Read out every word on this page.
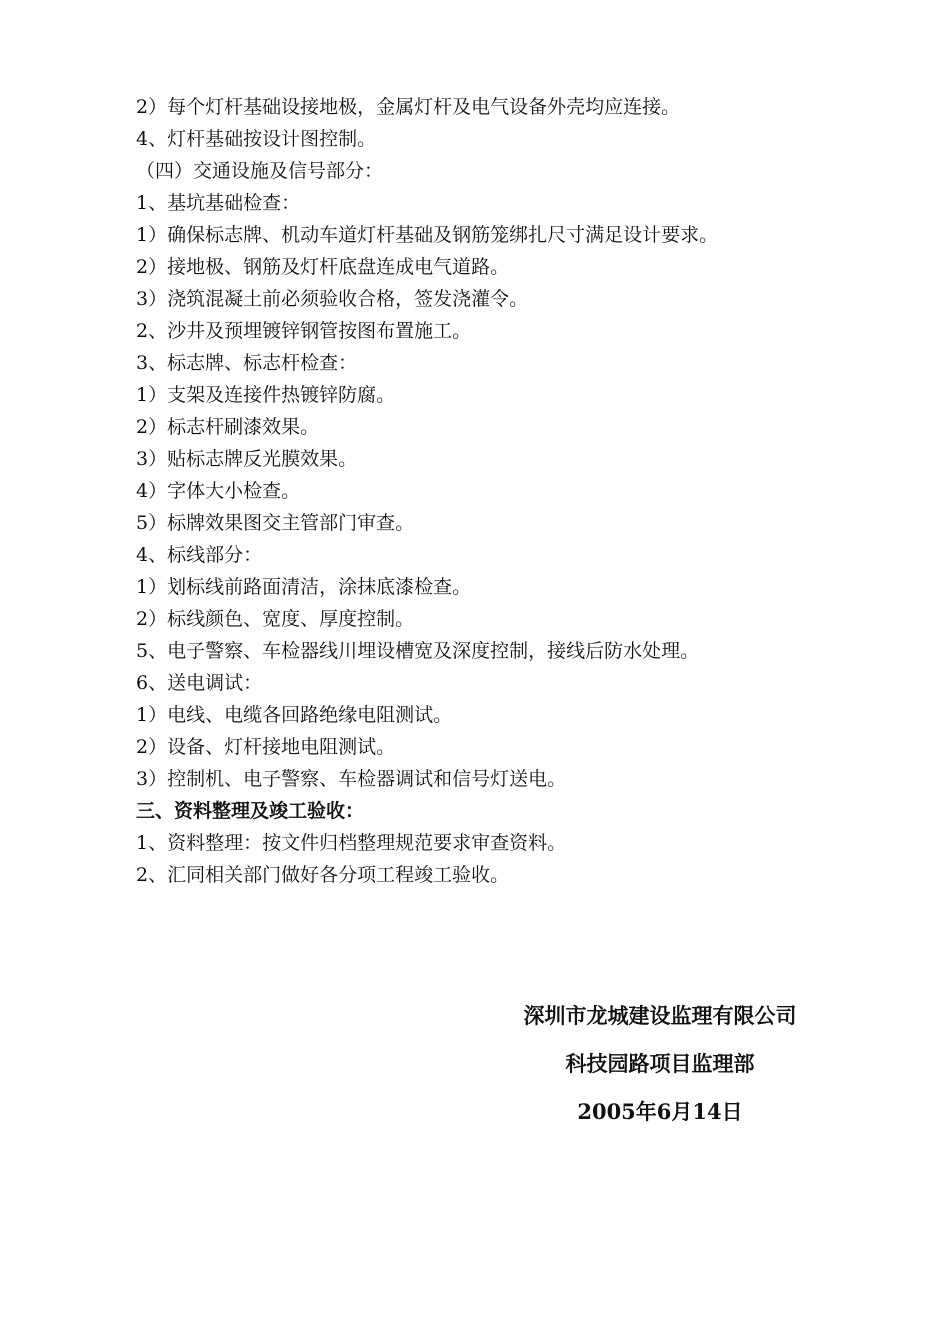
2）每个灯杆基础设接地极，金属灯杆及电气设备外壳均应连接。

4、灯杆基础按设计图控制。

（四）交通设施及信号部分：

1、基坑基础检查：

1）确保标志牌、机动车道灯杆基础及钢筋笼绑扎尺寸满足设计要求。

2）接地极、钢筋及灯杆底盘连成电气道路。

3）浇筑混凝土前必须验收合格，签发浇灌令。

2、沙井及预埋镀锌钢管按图布置施工。

3、标志牌、标志杆检查：

1）支架及连接件热镀锌防腐。

2）标志杆刷漆效果。

3）贴标志牌反光膜效果。

4）字体大小检查。

5）标牌效果图交主管部门审查。

4、标线部分：

1）划标线前路面清洁，涂抹底漆检查。

2）标线颜色、宽度、厚度控制。

5、电子警察、车检器线川埋设槽宽及深度控制，接线后防水处理。

6、送电调试：

1）电线、电缆各回路绝缘电阻测试。

2）设备、灯杆接地电阻测试。

3）控制机、电子警察、车检器调试和信号灯送电。

三、资料整理及竣工验收：

1、资料整理：按文件归档整理规范要求审查资料。

2、汇同相关部门做好各分项工程竣工验收。

深圳市龙城建设监理有限公司

科技园路项目监理部

2005年6月14日
